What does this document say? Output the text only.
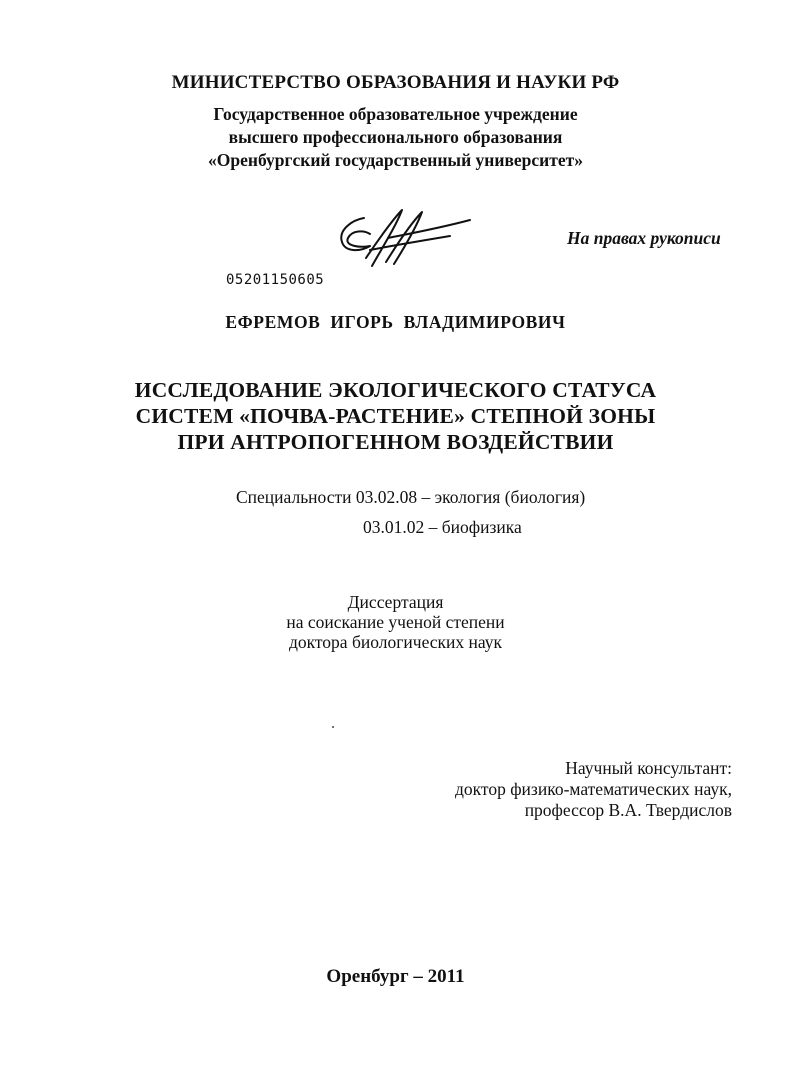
МИНИСТЕРСТВО ОБРАЗОВАНИЯ И НАУКИ РФ
Государственное образовательное учреждение
высшего профессионального образования
«Оренбургский государственный университет»
На правах рукописи
05201150605
ЕФРЕМОВ ИГОРЬ ВЛАДИМИРОВИЧ
ИССЛЕДОВАНИЕ ЭКОЛОГИЧЕСКОГО СТАТУСА
СИСТЕМ «ПОЧВА-РАСТЕНИЕ» СТЕПНОЙ ЗОНЫ
ПРИ АНТРОПОГЕННОМ ВОЗДЕЙСТВИИ
Специальности 03.02.08 – экология (биология)
03.01.02 – биофизика
Диссертация
на соискание ученой степени
доктора биологических наук
Научный консультант:
доктор физико-математических наук,
профессор В.А. Твердислов
Оренбург – 2011
